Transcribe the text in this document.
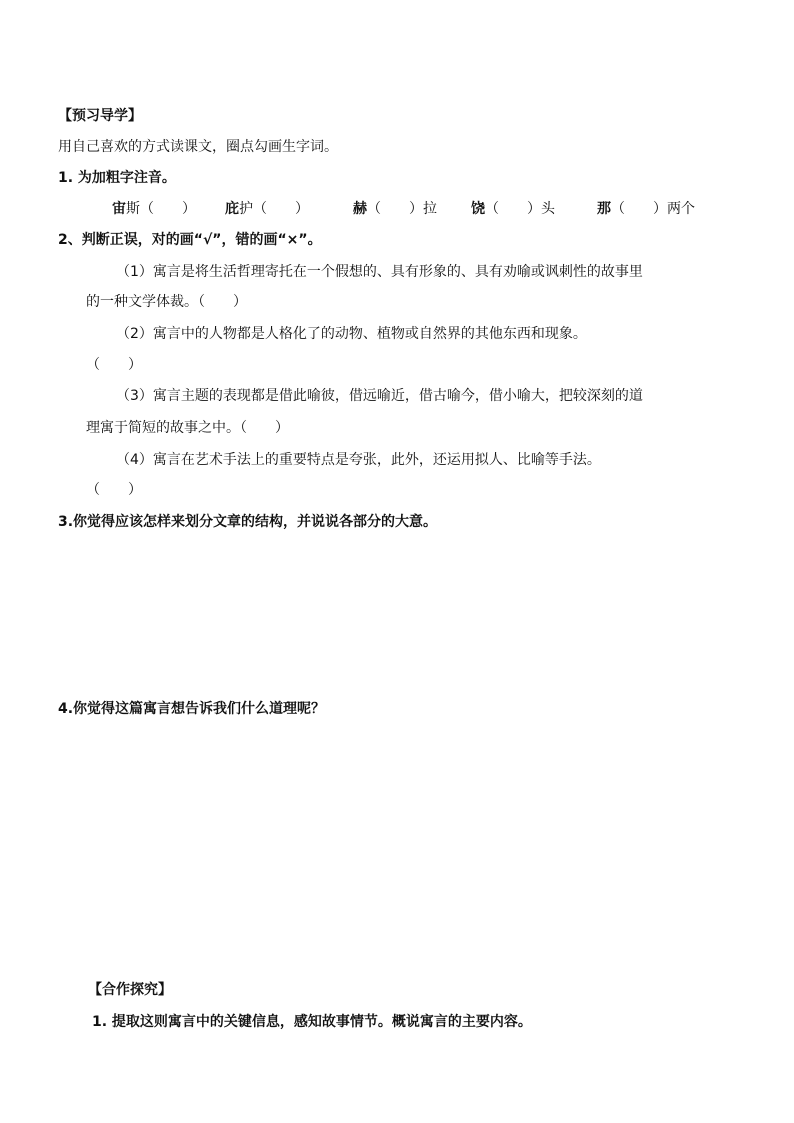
【预习导学】
用自己喜欢的方式读课文，圈点勾画生字词。
1. 为加粗字注音。
宙斯（　　） 庇护（　　）	赫（　　）拉 饶（　　）头	那（　　）两个
2、判断正误，对的画“√”，错的画“×”。
（1）寓言是将生活哲理寄托在一个假想的、具有形象的、具有劝喻或讽刺性的故事里
的一种文学体裁。（　　）
（2）寓言中的人物都是人格化了的动物、植物或自然界的其他东西和现象。
（　　）
（3）寓言主题的表现都是借此喻彼，借远喻近，借古喻今，借小喻大，把较深刻的道
理寓于简短的故事之中。（　　）
（4）寓言在艺术手法上的重要特点是夸张，此外，还运用拟人、比喻等手法。
（　　）
3.你觉得应该怎样来划分文章的结构，并说说各部分的大意。
4.你觉得这篇寓言想告诉我们什么道理呢？
【合作探究】
1. 提取这则寓言中的关键信息，感知故事情节。概说寓言的主要内容。
